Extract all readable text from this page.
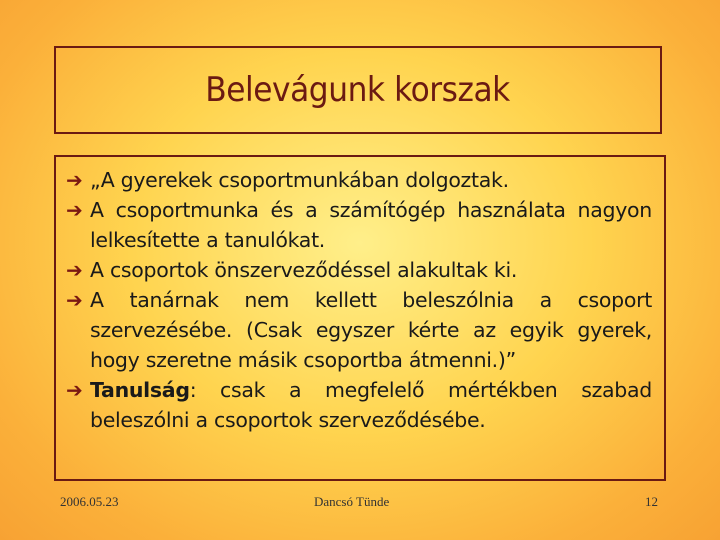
Belevágunk korszak
➔ „A gyerekek csoportmunkában dolgoztak.
➔ A csoportmunka és a számítógép használata nagyon lelkesítette a tanulókat.
➔ A csoportok önszerveződéssel alakultak ki.
➔ A tanárnak nem kellett beleszólnia a csoport szervezésébe. (Csak egyszer kérte az egyik gyerek, hogy szeretne másik csoportba átmenni.)”
➔ Tanulság: csak a megfelelő mértékben szabad beleszólni a csoportok szerveződésébe.
2006.05.23	Dancsó Tünde	12
